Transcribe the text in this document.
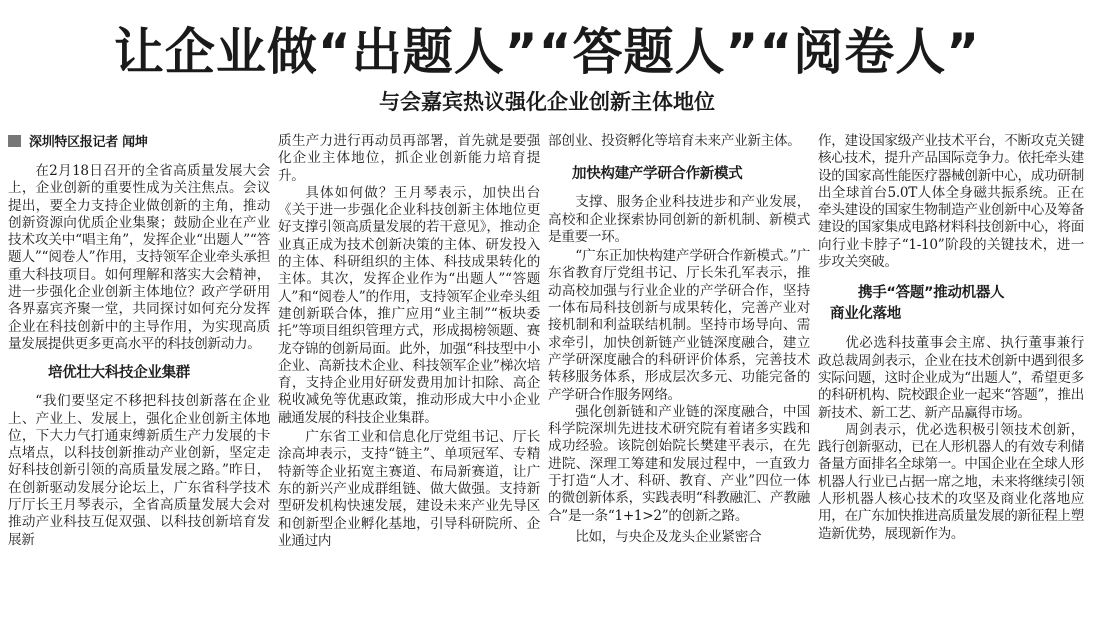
让企业做“出题人”“答题人”“阅卷人”
与会嘉宾热议强化企业创新主体地位
深圳特区报记者 闻坤

在2月18日召开的全省高质量发展大会上，企业创新的重要性成为关注焦点。会议提出，要全力支持企业做创新的主角，推动创新资源向优质企业集聚；鼓励企业在产业技术攻关中“唱主角”，发挥企业“出题人”“答题人”“阅卷人”作用，支持领军企业牵头承担重大科技项目。如何理解和落实大会精神，进一步强化企业创新主体地位？政产学研用各界嘉宾齐聚一堂，共同探讨如何充分发挥企业在科技创新中的主导作用，为实现高质量发展提供更多更高水平的科技创新动力。

培优壮大科技企业集群

“我们要坚定不移把科技创新落在企业上、产业上、发展上，强化企业创新主体地位，下大力气打通束缚新质生产力发展的卡点堵点，以科技创新推动产业创新，坚定走好科技创新引领的高质量发展之路。”昨日，在创新驱动发展分论坛上，广东省科学技术厅厅长王月琴表示，全省高质量发展大会对推动产业科技互促双强、以科技创新培育发展新

质生产力进行再动员再部署，首先就是要强化企业主体地位，抓企业创新能力培育提升。

具体如何做？王月琴表示，加快出台《关于进一步强化企业科技创新主体地位更好支撑引领高质量发展的若干意见》，推动企业真正成为技术创新决策的主体、研发投入的主体、科研组织的主体、科技成果转化的主体。其次，发挥企业作为“出题人”“答题人”和“阅卷人”的作用，支持领军企业牵头组建创新联合体，推广应用“业主制”“板块委托”等项目组织管理方式，形成揭榜领题、赛龙夺锦的创新局面。此外，加强“科技型中小企业、高新技术企业、科技领军企业”梯次培育，支持企业用好研发费用加计扣除、高企税收减免等优惠政策，推动形成大中小企业融通发展的科技企业集群。

广东省工业和信息化厅党组书记、厅长涂高坤表示，支持“链主”、单项冠军、专精特新等企业拓宽主赛道、布局新赛道，让广东的新兴产业成群组链、做大做强。支持新型研发机构快速发展，建设未来产业先导区和创新型企业孵化基地，引导科研院所、企业通过内

部创业、投资孵化等培育未来产业新主体。

加快构建产学研合作新模式

支撑、服务企业科技进步和产业发展，高校和企业探索协同创新的新机制、新模式是重要一环。

“广东正加快构建产学研合作新模式。”广东省教育厅党组书记、厅长朱孔军表示，推动高校加强与行业企业的产学研合作，坚持一体布局科技创新与成果转化，完善产业对接机制和利益联结机制。坚持市场导向、需求牵引，加快创新链产业链深度融合，建立产学研深度融合的科研评价体系，完善技术转移服务体系，形成层次多元、功能完备的产学研合作服务网络。

强化创新链和产业链的深度融合，中国科学院深圳先进技术研究院有着诸多实践和成功经验。该院创始院长樊建平表示，在先进院、深理工筹建和发展过程中，一直致力于打造“人才、科研、教育、产业”四位一体的微创新体系，实践表明“科教融汇、产教融合”是一条“1+1>2”的创新之路。

比如，与央企及龙头企业紧密合

作，建设国家级产业技术平台，不断攻克关键核心技术，提升产品国际竞争力。依托牵头建设的国家高性能医疗器械创新中心，成功研制出全球首台5.0T人体全身磁共振系统。正在牵头建设的国家生物制造产业创新中心及筹备建设的国家集成电路材料科技创新中心，将面向行业卡脖子“1-10”阶段的关键技术，进一步攻关突破。

携手“答题”推动机器人
商业化落地

优必选科技董事会主席、执行董事兼行政总裁周剑表示，企业在技术创新中遇到很多实际问题，这时企业成为“出题人”，希望更多的科研机构、院校跟企业一起来“答题”，推出新技术、新工艺、新产品赢得市场。

周剑表示，优必选积极引领技术创新，践行创新驱动，已在人形机器人的有效专利储备量方面排名全球第一。中国企业在全球人形机器人行业已占据一席之地，未来将继续引领人形机器人核心技术的攻坚及商业化落地应用，在广东加快推进高质量发展的新征程上塑造新优势，展现新作为。
